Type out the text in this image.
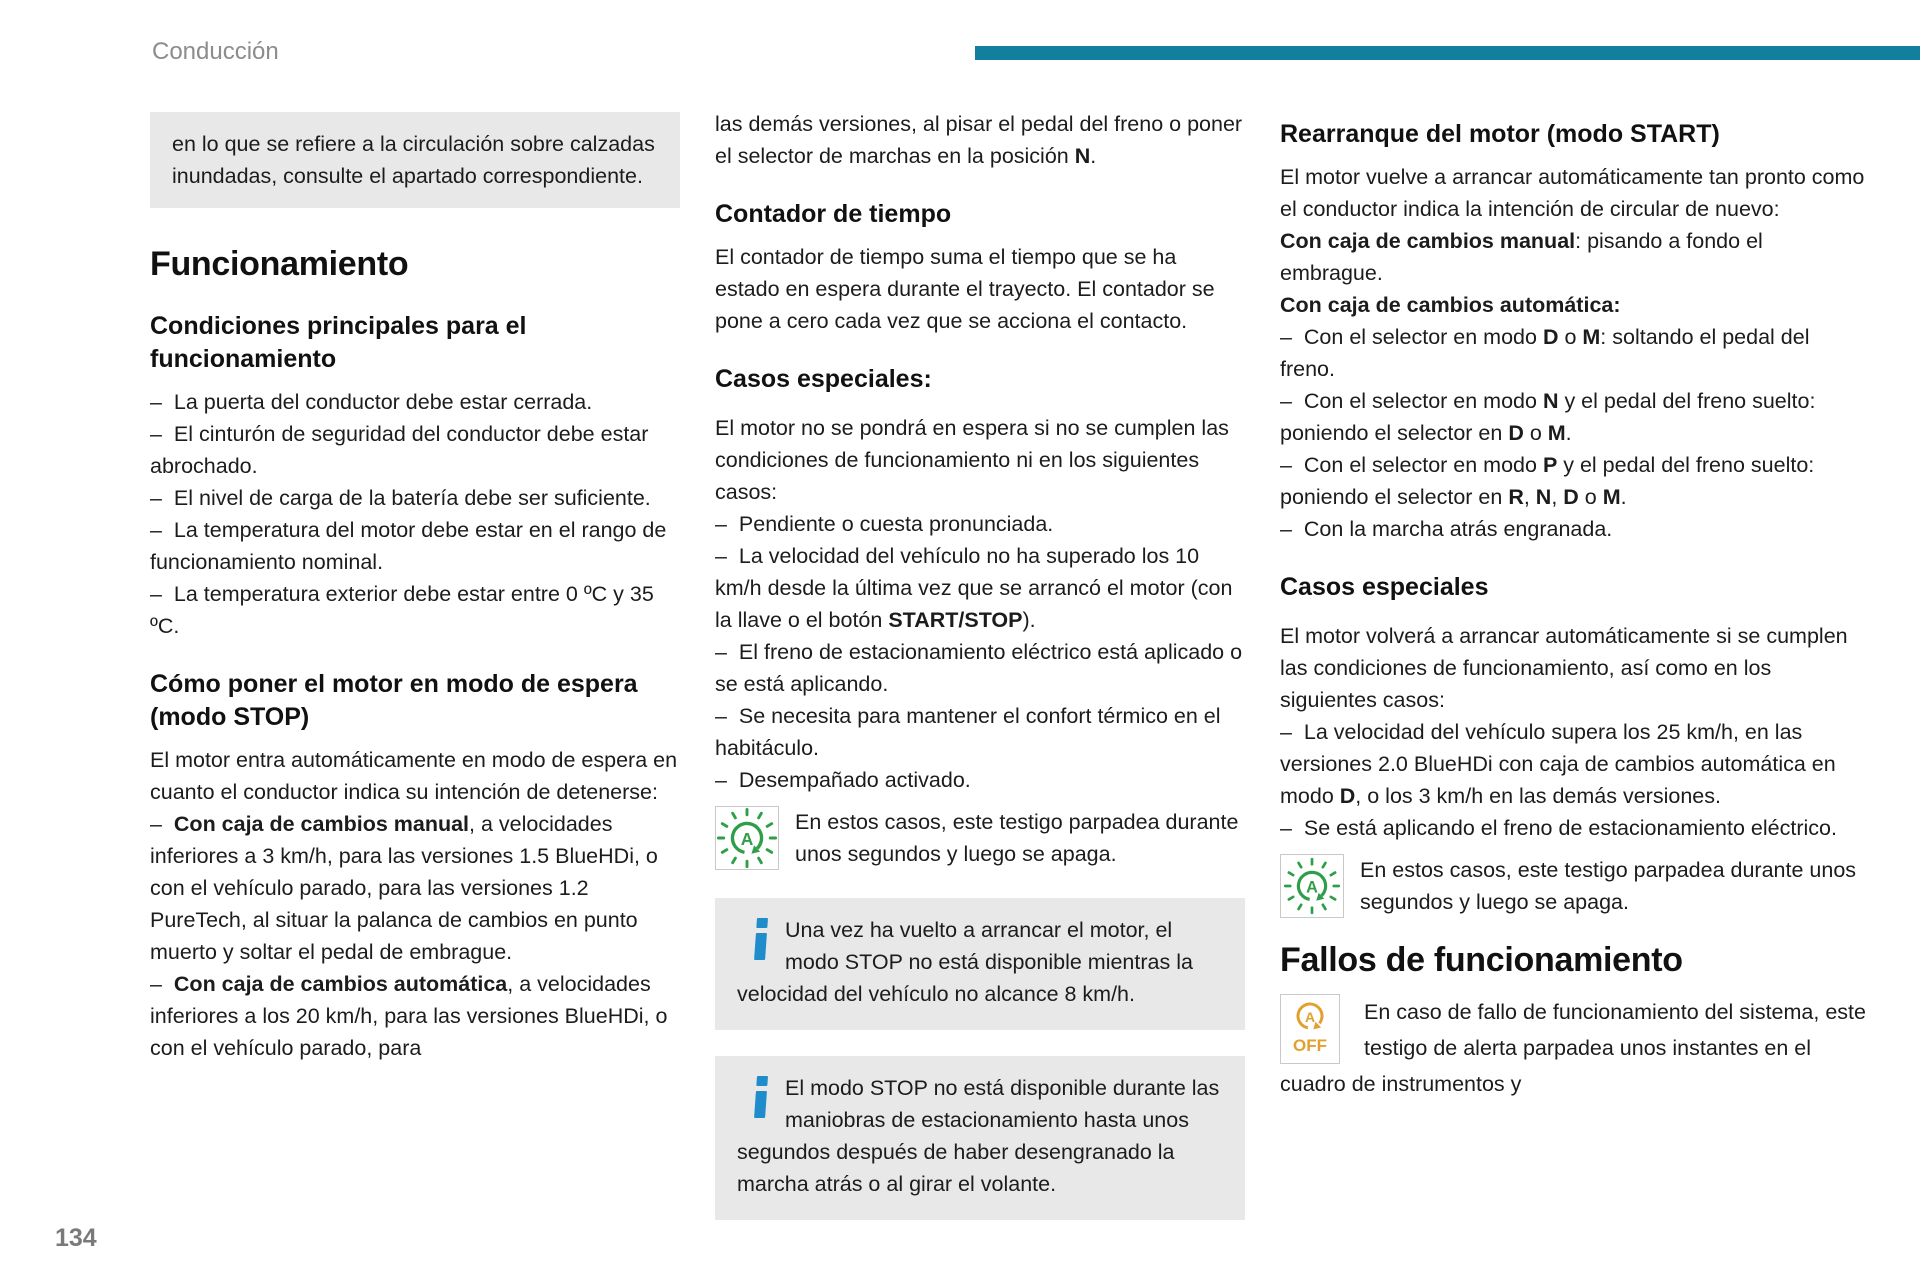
Conducción
en lo que se refiere a la circulación sobre calzadas inundadas, consulte el apartado correspondiente.
Funcionamiento
Condiciones principales para el funcionamiento

–  La puerta del conductor debe estar cerrada.

–  El cinturón de seguridad del conductor debe estar abrochado.

–  El nivel de carga de la batería debe ser suficiente.

–  La temperatura del motor debe estar en el rango de funcionamiento nominal.

–  La temperatura exterior debe estar entre 0 ºC y 35 ºC.

Cómo poner el motor en modo de espera (modo STOP)

El motor entra automáticamente en modo de espera en cuanto el conductor indica su intención de detenerse:

–  Con caja de cambios manual, a velocidades inferiores a 3 km/h, para las versiones 1.5 BlueHDi, o con el vehículo parado, para las versiones 1.2 PureTech, al situar la palanca de cambios en punto muerto y soltar el pedal de embrague.

–  Con caja de cambios automática, a velocidades inferiores a los 20 km/h, para las versiones BlueHDi, o con el vehículo parado, para

las demás versiones, al pisar el pedal del freno o poner el selector de marchas en la posición N.

Contador de tiempo

El contador de tiempo suma el tiempo que se ha estado en espera durante el trayecto. El contador se pone a cero cada vez que se acciona el contacto.

Casos especiales:

El motor no se pondrá en espera si no se cumplen las condiciones de funcionamiento ni en los siguientes casos:

–  Pendiente o cuesta pronunciada.

–  La velocidad del vehículo no ha superado los 10 km/h desde la última vez que se arrancó el motor (con la llave o el botón START/STOP).

–  El freno de estacionamiento eléctrico está aplicado o se está aplicando.

–  Se necesita para mantener el confort térmico en el habitáculo.

–  Desempañado activado.

A
En estos casos, este testigo parpadea durante unos segundos y luego se apaga.
Una vez ha vuelto a arrancar el motor, el modo STOP no está disponible mientras la velocidad del vehículo no alcance 8 km/h.
El modo STOP no está disponible durante las maniobras de estacionamiento hasta unos segundos después de haber desengranado la marcha atrás o al girar el volante.
Rearranque del motor (modo START)

El motor vuelve a arrancar automáticamente tan pronto como el conductor indica la intención de circular de nuevo:

Con caja de cambios manual: pisando a fondo el embrague.

Con caja de cambios automática:

–  Con el selector en modo D o M: soltando el pedal del freno.

–  Con el selector en modo N y el pedal del freno suelto: poniendo el selector en D o M.

–  Con el selector en modo P y el pedal del freno suelto: poniendo el selector en R, N, D o M.

–  Con la marcha atrás engranada.

Casos especiales

El motor volverá a arrancar automáticamente si se cumplen las condiciones de funcionamiento, así como en los siguientes casos:

–  La velocidad del vehículo supera los 25 km/h, en las versiones 2.0 BlueHDi con caja de cambios automática en modo D, o los 3 km/h en las demás versiones.

–  Se está aplicando el freno de estacionamiento eléctrico.

A
En estos casos, este testigo parpadea durante unos segundos y luego se apaga.
Fallos de funcionamiento
A
OFF
En caso de fallo de funcionamiento del sistema, este testigo de alerta parpadea unos instantes en el cuadro de instrumentos y
134
